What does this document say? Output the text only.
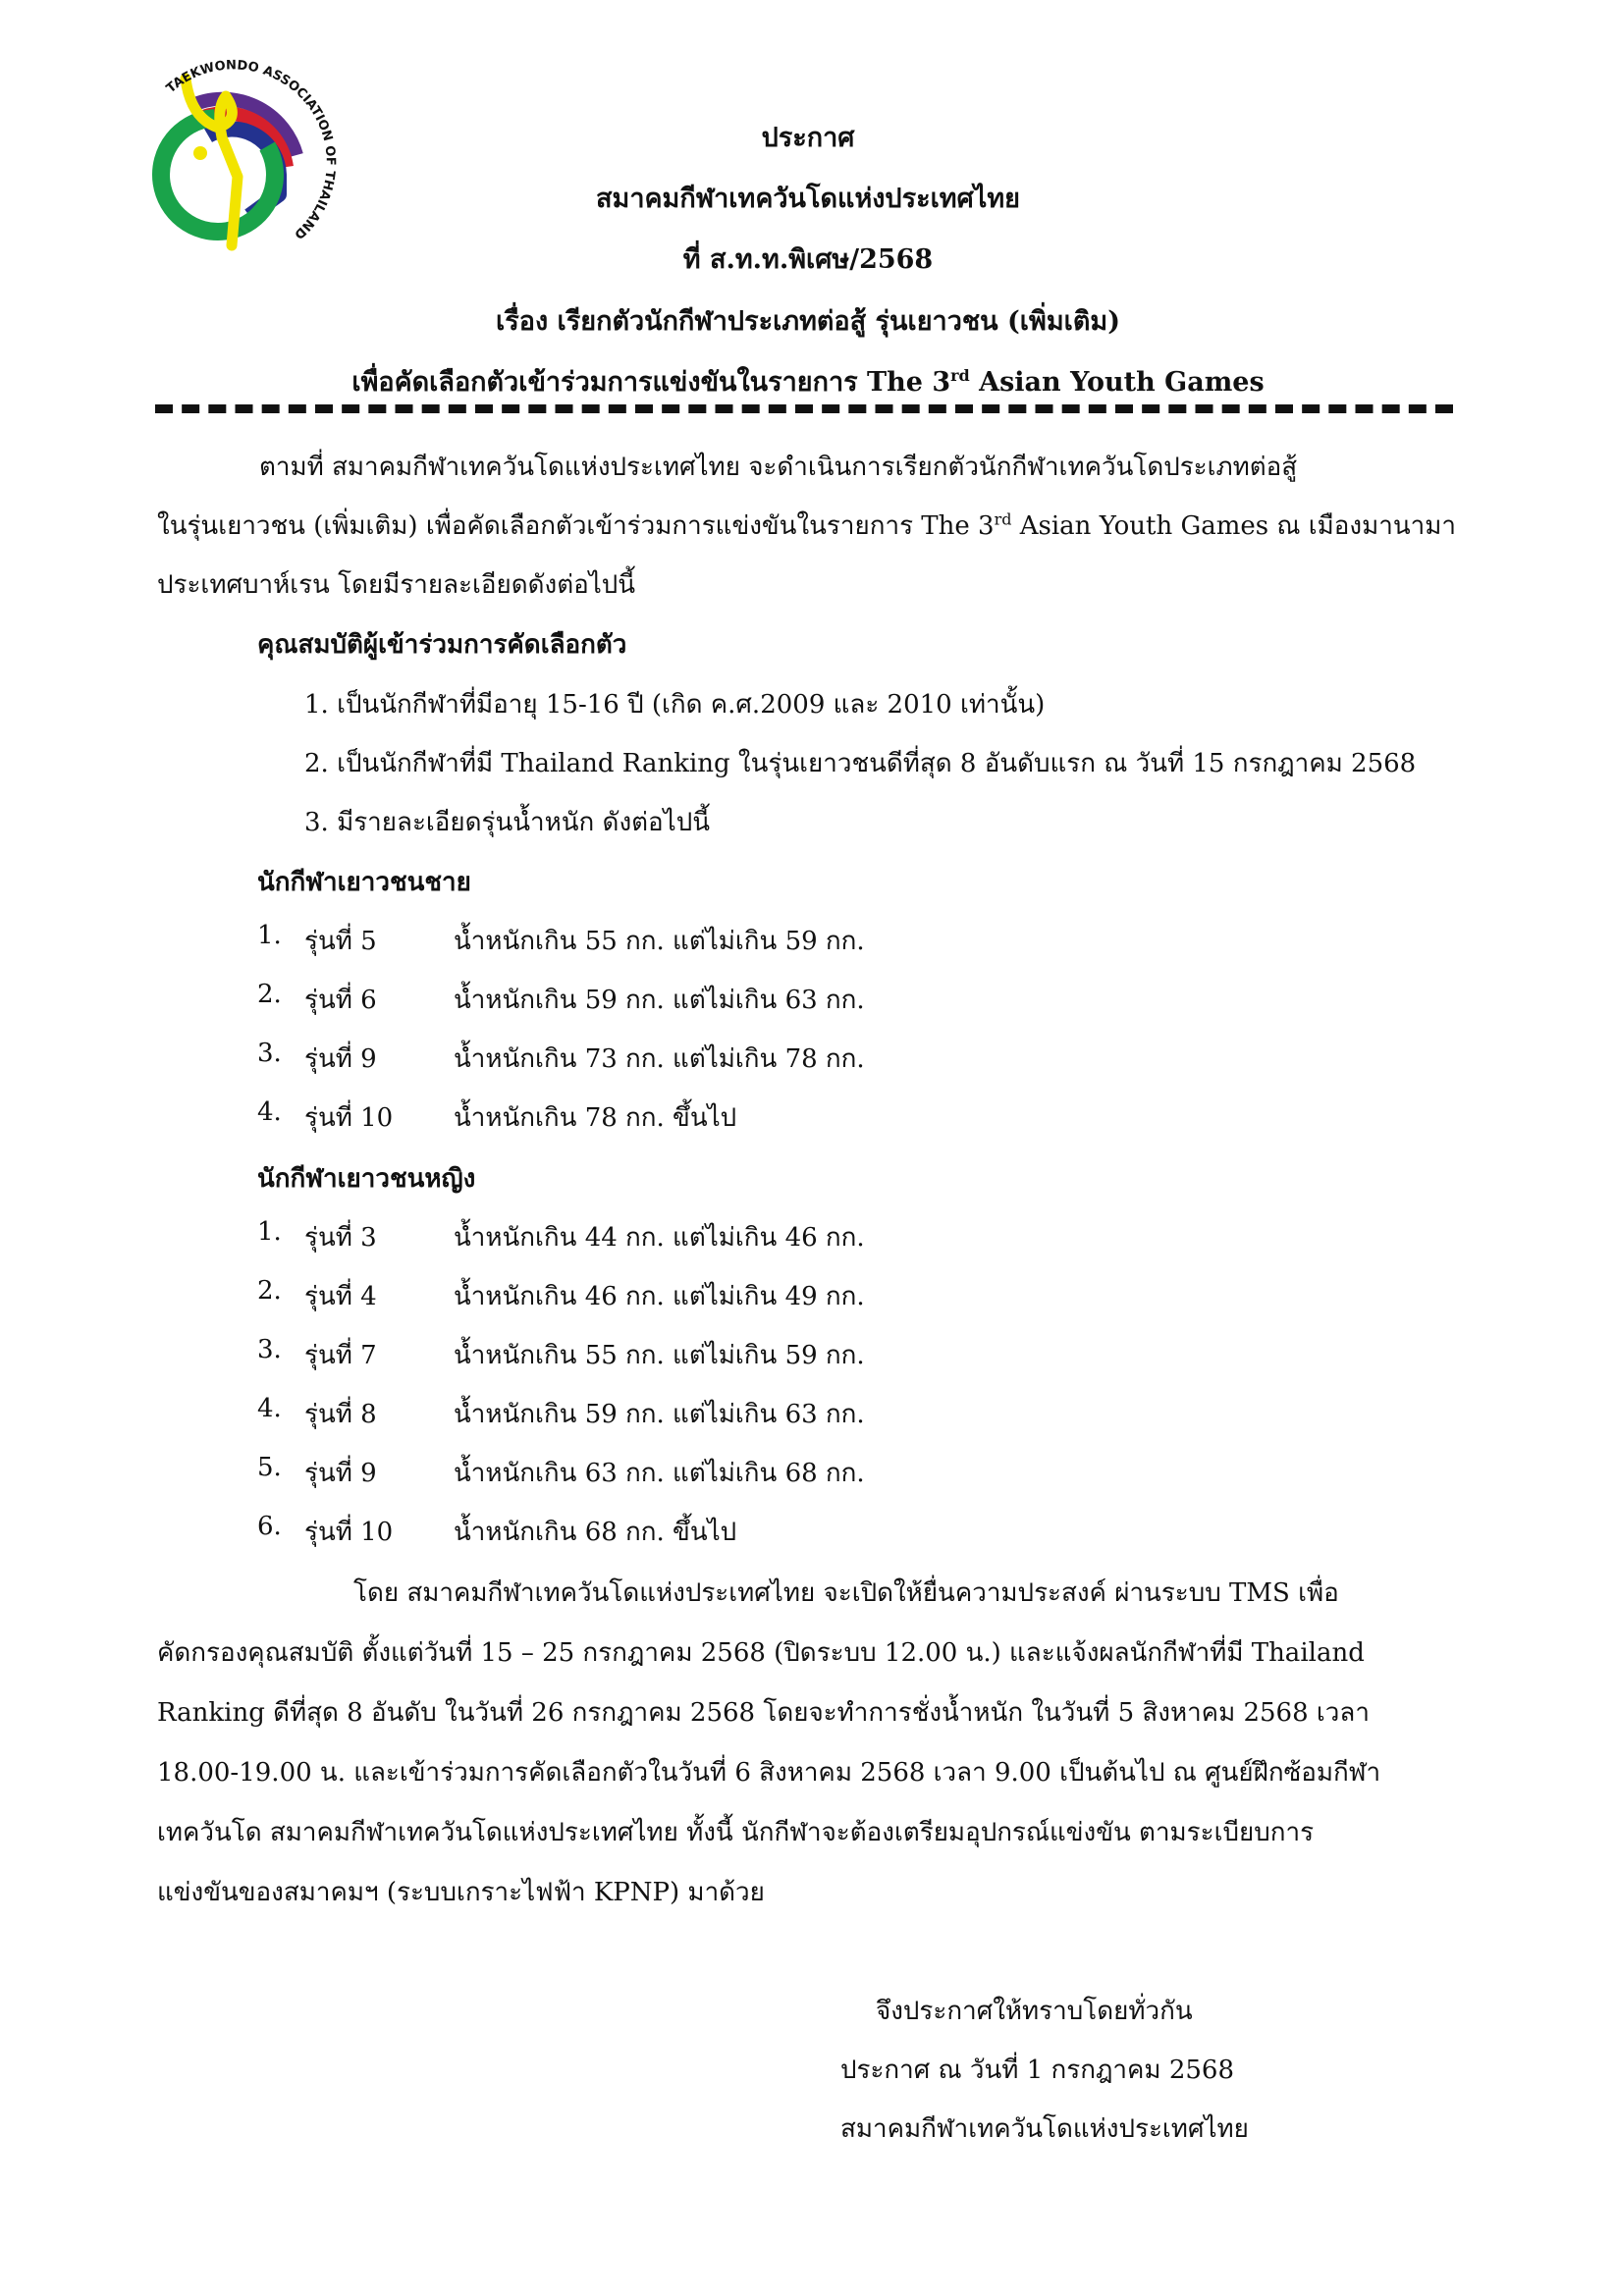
TAEKWONDO ASSOCIATION OF THAILAND
ประกาศ
สมาคมกีฬาเทควันโดแห่งประเทศไทย
ที่ ส.ท.ท.พิเศษ/2568
เรื่อง เรียกตัวนักกีฬาประเภทต่อสู้ รุ่นเยาวชน (เพิ่มเติม)
เพื่อคัดเลือกตัวเข้าร่วมการแข่งขันในรายการ The 3rd Asian Youth Games
ตามที่ สมาคมกีฬาเทควันโดแห่งประเทศไทย จะดำเนินการเรียกตัวนักกีฬาเทควันโดประเภทต่อสู้
ในรุ่นเยาวชน (เพิ่มเติม) เพื่อคัดเลือกตัวเข้าร่วมการแข่งขันในรายการ The 3rd Asian Youth Games ณ เมืองมานามา
ประเทศบาห์เรน โดยมีรายละเอียดดังต่อไปนี้
คุณสมบัติผู้เข้าร่วมการคัดเลือกตัว
1. เป็นนักกีฬาที่มีอายุ 15-16 ปี (เกิด ค.ศ.2009 และ 2010 เท่านั้น)
2. เป็นนักกีฬาที่มี Thailand Ranking ในรุ่นเยาวชนดีที่สุด 8 อันดับแรก ณ วันที่ 15 กรกฎาคม 2568
3. มีรายละเอียดรุ่นน้ำหนัก ดังต่อไปนี้
นักกีฬาเยาวชนชาย
1. รุ่นที่ 5	น้ำหนักเกิน 55 กก. แต่ไม่เกิน 59 กก.
2. รุ่นที่ 6	น้ำหนักเกิน 59 กก. แต่ไม่เกิน 63 กก.
3. รุ่นที่ 9	น้ำหนักเกิน 73 กก. แต่ไม่เกิน 78 กก.
4. รุ่นที่ 10 น้ำหนักเกิน 78 กก. ขึ้นไป
นักกีฬาเยาวชนหญิง
1. รุ่นที่ 3	น้ำหนักเกิน 44 กก. แต่ไม่เกิน 46 กก.
2. รุ่นที่ 4	น้ำหนักเกิน 46 กก. แต่ไม่เกิน 49 กก.
3. รุ่นที่ 7	น้ำหนักเกิน 55 กก. แต่ไม่เกิน 59 กก.
4. รุ่นที่ 8	น้ำหนักเกิน 59 กก. แต่ไม่เกิน 63 กก.
5. รุ่นที่ 9	น้ำหนักเกิน 63 กก. แต่ไม่เกิน 68 กก.
6. รุ่นที่ 10 น้ำหนักเกิน 68 กก. ขึ้นไป
โดย สมาคมกีฬาเทควันโดแห่งประเทศไทย จะเปิดให้ยื่นความประสงค์ ผ่านระบบ TMS เพื่อ
คัดกรองคุณสมบัติ ตั้งแต่วันที่ 15 – 25 กรกฎาคม 2568 (ปิดระบบ 12.00 น.) และแจ้งผลนักกีฬาที่มี Thailand
Ranking ดีที่สุด 8 อันดับ ในวันที่ 26 กรกฎาคม 2568 โดยจะทำการชั่งน้ำหนัก ในวันที่ 5 สิงหาคม 2568 เวลา
18.00-19.00 น. และเข้าร่วมการคัดเลือกตัวในวันที่ 6 สิงหาคม 2568 เวลา 9.00 เป็นต้นไป ณ ศูนย์ฝึกซ้อมกีฬา
เทควันโด สมาคมกีฬาเทควันโดแห่งประเทศไทย ทั้งนี้ นักกีฬาจะต้องเตรียมอุปกรณ์แข่งขัน ตามระเบียบการ
แข่งขันของสมาคมฯ (ระบบเกราะไฟฟ้า KPNP) มาด้วย
จึงประกาศให้ทราบโดยทั่วกัน
ประกาศ ณ วันที่ 1 กรกฎาคม 2568
สมาคมกีฬาเทควันโดแห่งประเทศไทย
